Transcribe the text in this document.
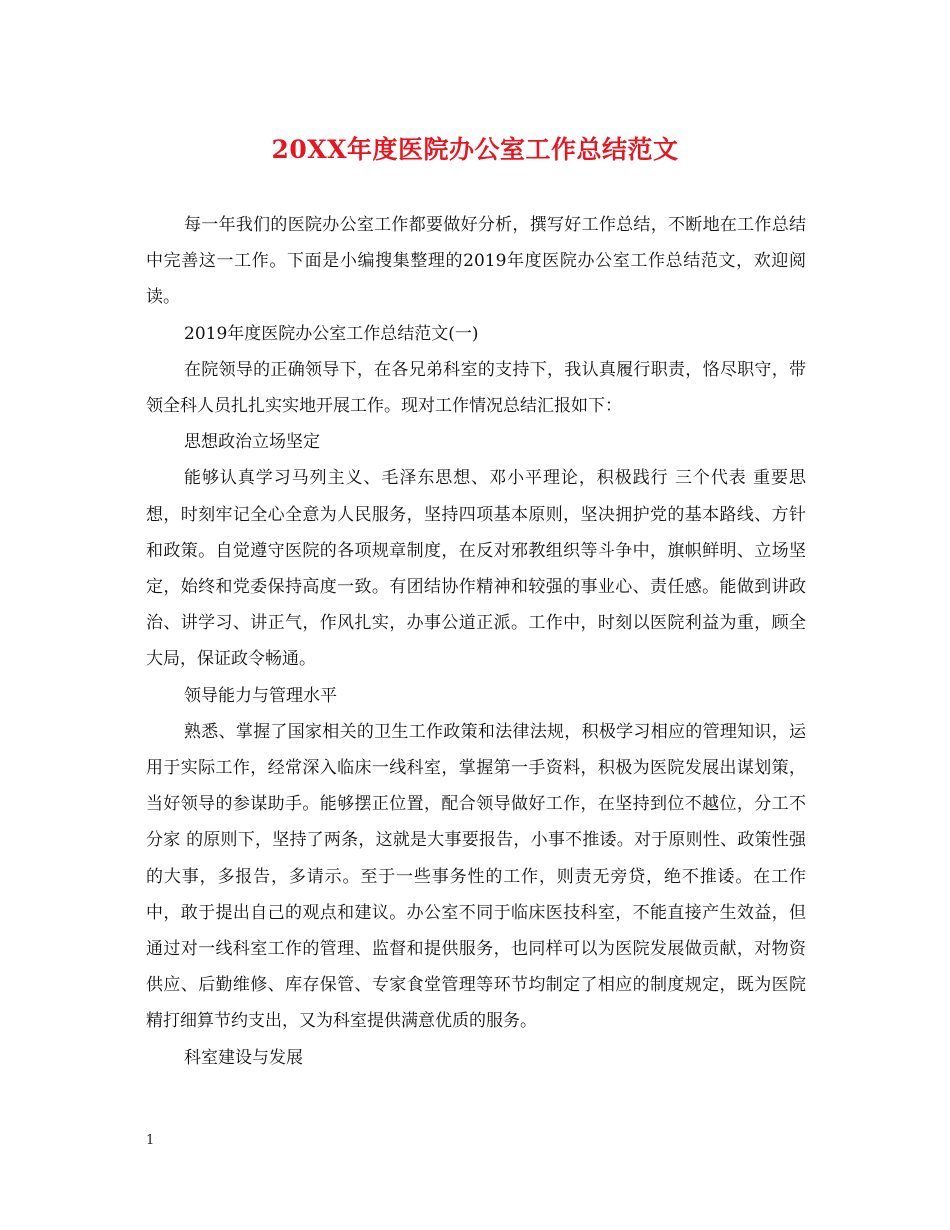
20XX年度医院办公室工作总结范文

每一年我们的医院办公室工作都要做好分析，撰写好工作总结，不断地在工作总结中完善这一工作。下面是小编搜集整理的2019年度医院办公室工作总结范文，欢迎阅读。

2019年度医院办公室工作总结范文(一)

在院领导的正确领导下，在各兄弟科室的支持下，我认真履行职责，恪尽职守，带领全科人员扎扎实实地开展工作。现对工作情况总结汇报如下：

思想政治立场坚定

能够认真学习马列主义、毛泽东思想、邓小平理论，积极践行 三个代表 重要思想，时刻牢记全心全意为人民服务，坚持四项基本原则，坚决拥护党的基本路线、方针和政策。自觉遵守医院的各项规章制度，在反对邪教组织等斗争中，旗帜鲜明、立场坚定，始终和党委保持高度一致。有团结协作精神和较强的事业心、责任感。能做到讲政治、讲学习、讲正气，作风扎实，办事公道正派。工作中，时刻以医院利益为重，顾全大局，保证政令畅通。

领导能力与管理水平

熟悉、掌握了国家相关的卫生工作政策和法律法规，积极学习相应的管理知识，运用于实际工作，经常深入临床一线科室，掌握第一手资料，积极为医院发展出谋划策，当好领导的参谋助手。能够摆正位置，配合领导做好工作，在坚持到位不越位，分工不分家 的原则下，坚持了两条，这就是大事要报告，小事不推诿。对于原则性、政策性强的大事，多报告，多请示。至于一些事务性的工作，则责无旁贷，绝不推诿。在工作中，敢于提出自己的观点和建议。办公室不同于临床医技科室，不能直接产生效益，但通过对一线科室工作的管理、监督和提供服务，也同样可以为医院发展做贡献，对物资供应、后勤维修、库存保管、专家食堂管理等环节均制定了相应的制度规定，既为医院精打细算节约支出，又为科室提供满意优质的服务。

科室建设与发展

1
